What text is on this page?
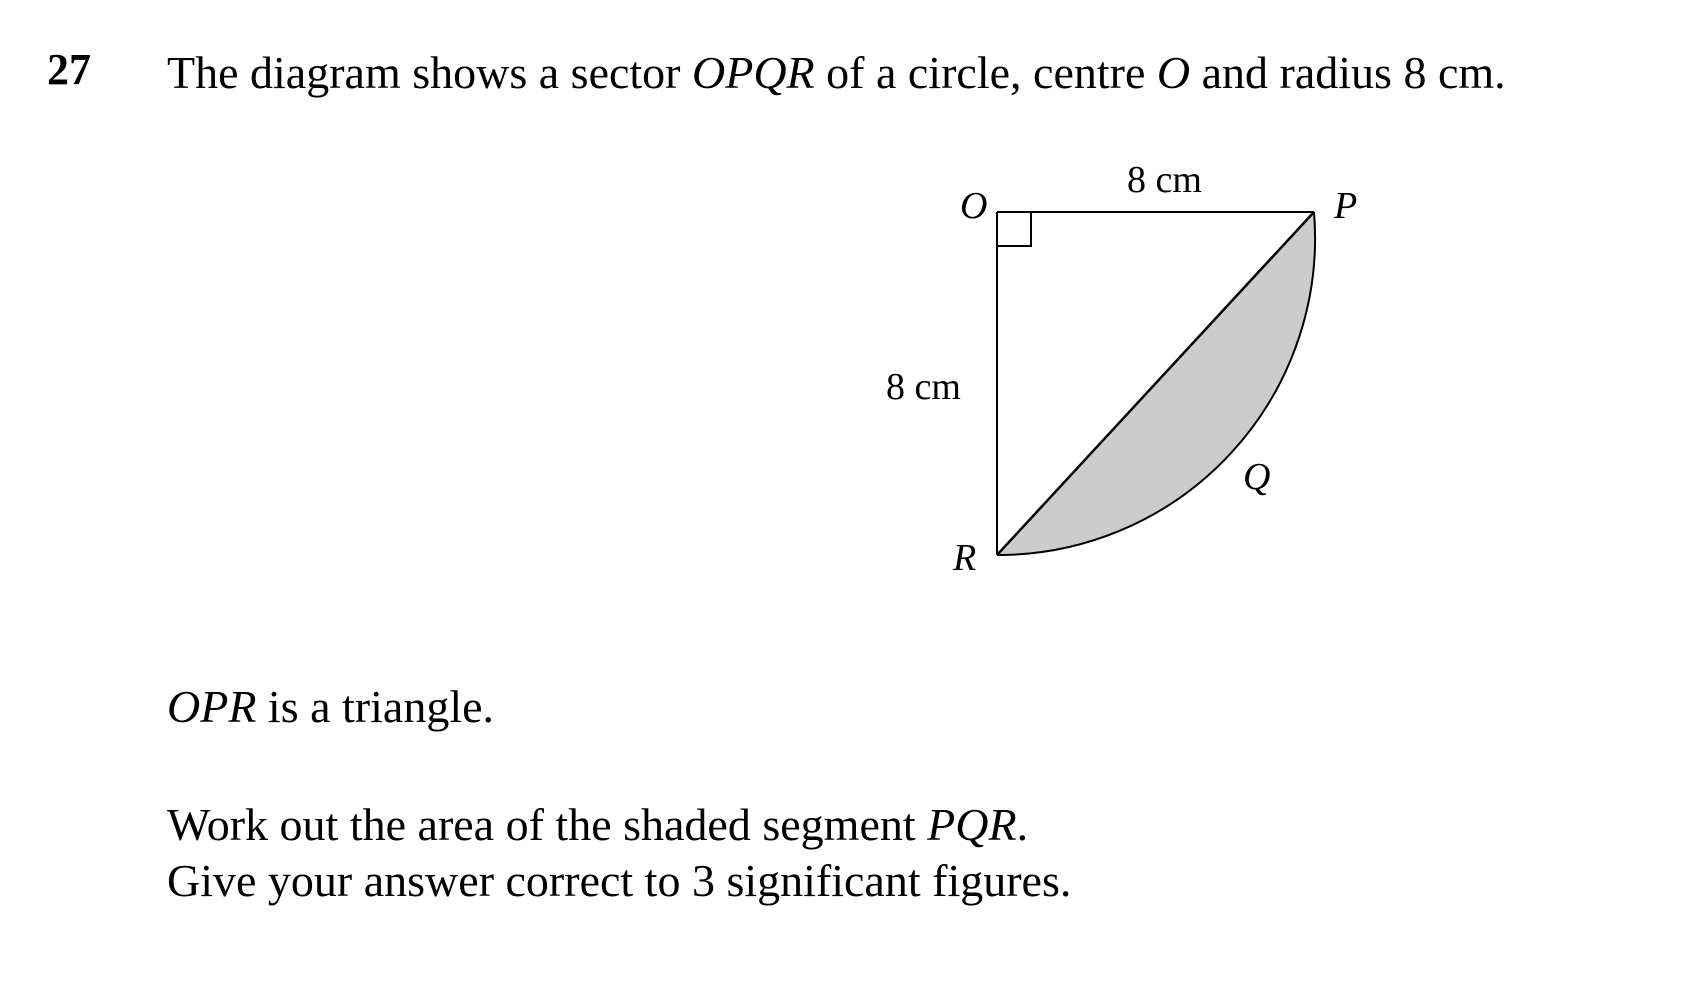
27 The diagram shows a sector OPQR of a circle, centre O and radius 8 cm.
O	P
Q
R
8 cm
8 cm
OPR is a triangle.
Work out the area of the shaded segment PQR.
Give your answer correct to 3 significant figures.
